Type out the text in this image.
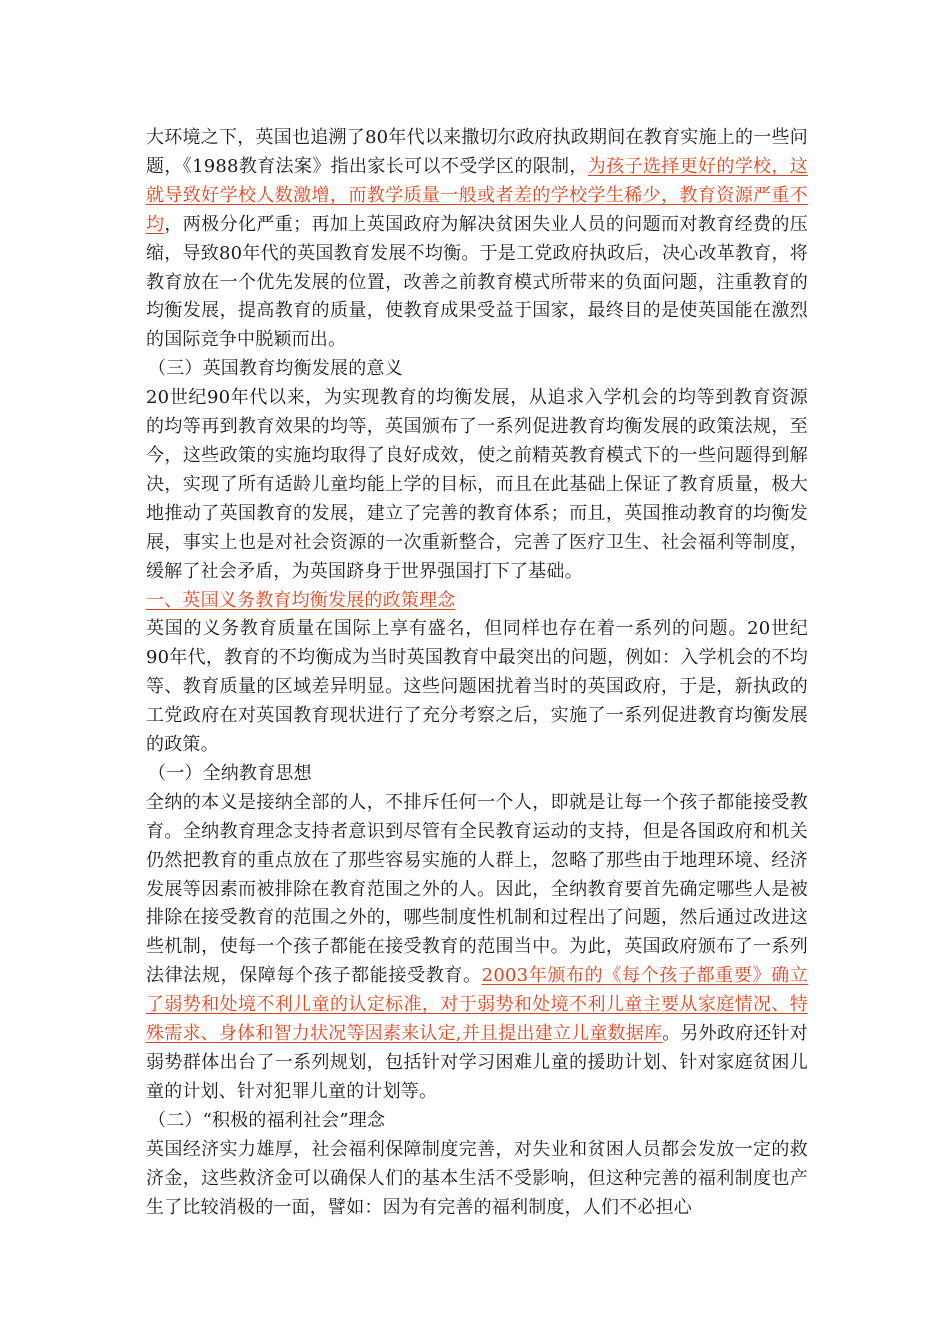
大环境之下，英国也追溯了80年代以来撒切尔政府执政期间在教育实施上的一些问题，《1988教育法案》指出家长可以不受学区的限制，为孩子选择更好的学校，这就导致好学校人数激增，而教学质量一般或者差的学校学生稀少，教育资源严重不均，两极分化严重；再加上英国政府为解决贫困失业人员的问题而对教育经费的压缩，导致80年代的英国教育发展不均衡。于是工党政府执政后，决心改革教育，将教育放在一个优先发展的位置，改善之前教育模式所带来的负面问题，注重教育的均衡发展，提高教育的质量，使教育成果受益于国家，最终目的是使英国能在激烈的国际竞争中脱颖而出。

（三）英国教育均衡发展的意义

20世纪90年代以来，为实现教育的均衡发展，从追求入学机会的均等到教育资源的均等再到教育效果的均等，英国颁布了一系列促进教育均衡发展的政策法规，至今，这些政策的实施均取得了良好成效，使之前精英教育模式下的一些问题得到解决，实现了所有适龄儿童均能上学的目标，而且在此基础上保证了教育质量，极大地推动了英国教育的发展，建立了完善的教育体系；而且，英国推动教育的均衡发展，事实上也是对社会资源的一次重新整合，完善了医疗卫生、社会福利等制度，缓解了社会矛盾，为英国跻身于世界强国打下了基础。

一、英国义务教育均衡发展的政策理念

英国的义务教育质量在国际上享有盛名，但同样也存在着一系列的问题。20世纪90年代，教育的不均衡成为当时英国教育中最突出的问题，例如：入学机会的不均等、教育质量的区域差异明显。这些问题困扰着当时的英国政府，于是，新执政的工党政府在对英国教育现状进行了充分考察之后，实施了一系列促进教育均衡发展的政策。

（一）全纳教育思想

全纳的本义是接纳全部的人，不排斥任何一个人，即就是让每一个孩子都能接受教育。全纳教育理念支持者意识到尽管有全民教育运动的支持，但是各国政府和机关仍然把教育的重点放在了那些容易实施的人群上，忽略了那些由于地理环境、经济发展等因素而被排除在教育范围之外的人。因此，全纳教育要首先确定哪些人是被排除在接受教育的范围之外的，哪些制度性机制和过程出了问题，然后通过改进这些机制，使每一个孩子都能在接受教育的范围当中。为此，英国政府颁布了一系列法律法规，保障每个孩子都能接受教育。2003年颁布的《每个孩子都重要》确立了弱势和处境不利儿童的认定标准，对于弱势和处境不利儿童主要从家庭情况、特殊需求、身体和智力状况等因素来认定,并且提出建立儿童数据库。另外政府还针对弱势群体出台了一系列规划，包括针对学习困难儿童的援助计划、针对家庭贫困儿童的计划、针对犯罪儿童的计划等。

（二）“积极的福利社会”理念

英国经济实力雄厚，社会福利保障制度完善，对失业和贫困人员都会发放一定的救济金，这些救济金可以确保人们的基本生活不受影响，但这种完善的福利制度也产生了比较消极的一面，譬如：因为有完善的福利制度，人们不必担心
